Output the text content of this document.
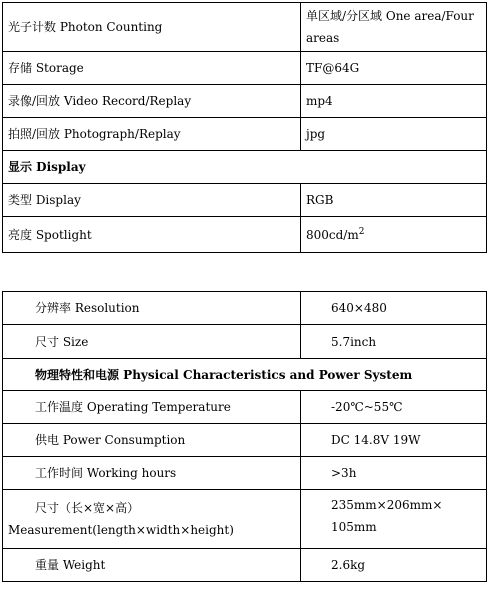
光子计数 Photon Counting	单区域/分区域 One area/Four areas
存储 Storage	TF@64G
录像/回放 Video Record/Replay	mp4
拍照/回放 Photograph/Replay	jpg
显示 Display	
类型 Display	RGB
亮度 Spotlight	$800cd/m^2$
分辨率 Resolution	640×480
尺寸 Size	5.7inch
物理特性和电源 Physical Characteristics and Power System	
工作温度 Operating Temperature	-20℃~55℃
供电 Power Consumption	DC 14.8V 19W
工作时间 Working hours	>3h
尺寸（长×宽×高）Measurement(length×width×height)	235mm×206mm× 105mm
重量 Weight	2.6kg
